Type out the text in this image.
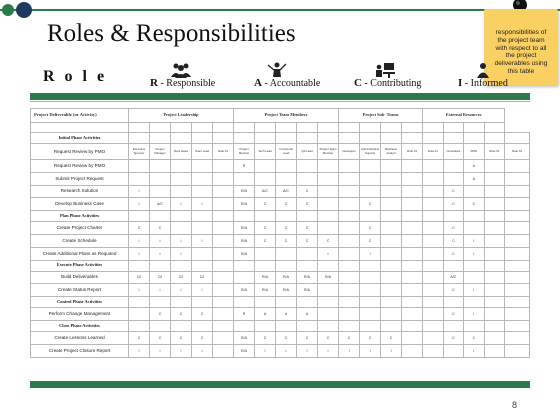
Roles & Responsibilities	responsibilities of
the project team
with respect to all
the project
deliverables using
this table
R o l e	R - Responsible	A - Accountable	C - Contributing	I - Informed
Project Deliverable (or Activity)	Project Leadership					Project Team Members					Project Sub- Teams				External Resources				

Initial Phase Activities																			
Request Review by PMO	Executive Sponsor	Project Manager	Dept Head	Team Lead	Role 01	Project Member	Tech Lead	Functional Lead	QA Lead	Project Team Member	Developer	Administrative Support	Business Analyst	Role 01	Role 01	Consultant	PMO	Role 01	Role 01
Request Review by PMO						R											A		
Submit Project Request																	A		
Research Solution	I					R/A	A/C	A/C	C							C			
Develop Business Case	I	A/C	I	I		R/A	C	C	C			C				C	C		
Plan Phase Activities																			
Create Project Charter	C	C				R/A	C	C	C			C				C			
Create Schedule	I	I	I	I		R/A	C	C	C	C		C				C	I		
Create Additional Plans as Required	I	I	I			R/A				I		I				C	I		
Execute Phase Activities																			
Build Deliverables	C/I	C/I	C/I	C/I			R/A	R/A	R/A	R/A						A/C			
Create Status Report	I	I	I	I		R/A	R/A	R/A	R/A							C	I		
Control Phase Activities																			
Perform Change Management		C	C	C		R	A	A	A							C	I		
Close Phase Activities																			
Create Lessons Learned	C	C	C	C		R/A	C	C	C	C	C	C	C			C	C		
Create Project Closure Report	I	I	I	I		R/A	I	I	I	I	I	I	I				I		
8
